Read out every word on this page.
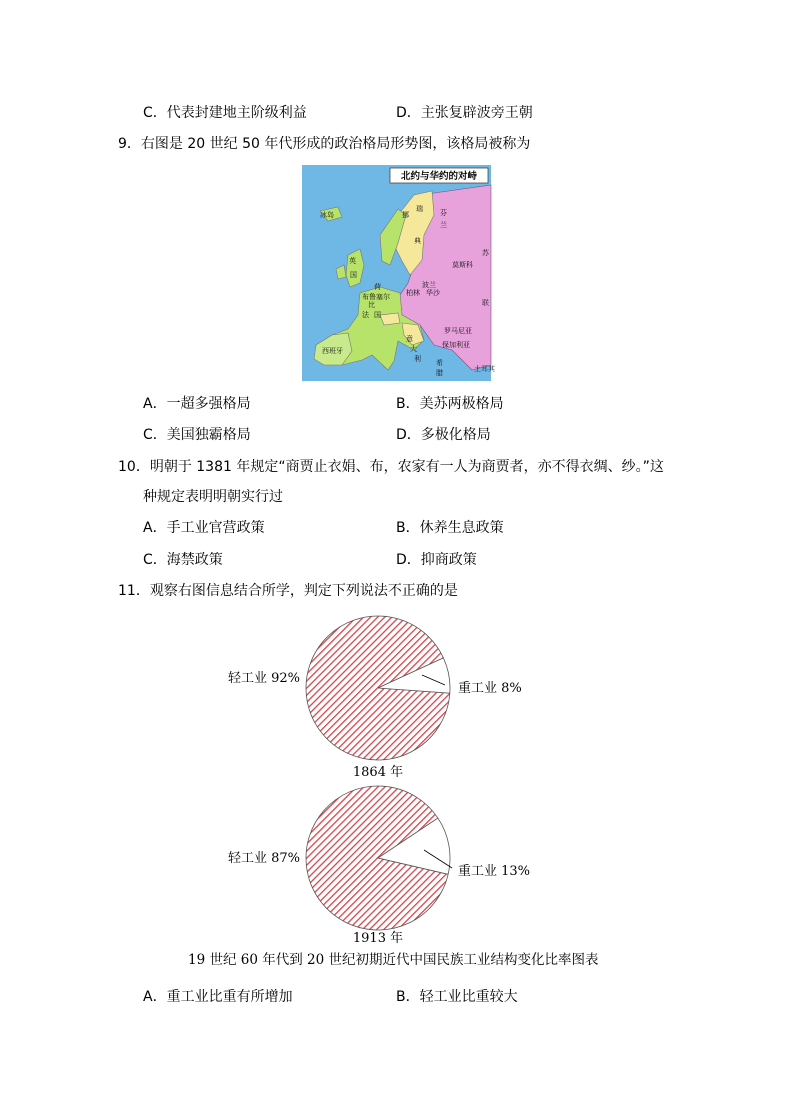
C．代表封建地主阶级利益	D．主张复辟波旁王朝
9．右图是 20 世纪 50 年代形成的政治格局形势图，该格局被称为
北约与华约的对峙
冰岛	挪
瑞
典
芬
兰
苏
联
莫斯科
英
国
法 国
西班牙
波兰
华沙
柏林
罗马尼亚
保加利亚
土耳其
意
大
利 希
腊
布鲁塞尔
荷
比
A．一超多强格局	B．美苏两极格局
C．美国独霸格局	D．多极化格局
10．明朝于 1381 年规定“商贾止衣娟、布，农家有一人为商贾者，亦不得衣绸、纱。”这
种规定表明明朝实行过
A．手工业官营政策	B．休养生息政策
C．海禁政策	D．抑商政策
11．观察右图信息结合所学，判定下列说法不正确的是
轻工业 92%
重工业 8%
1864 年
轻工业 87%
重工业 13%
1913 年
19 世纪 60 年代到 20 世纪初期近代中国民族工业结构变化比率图表
A．重工业比重有所增加	B．轻工业比重较大
